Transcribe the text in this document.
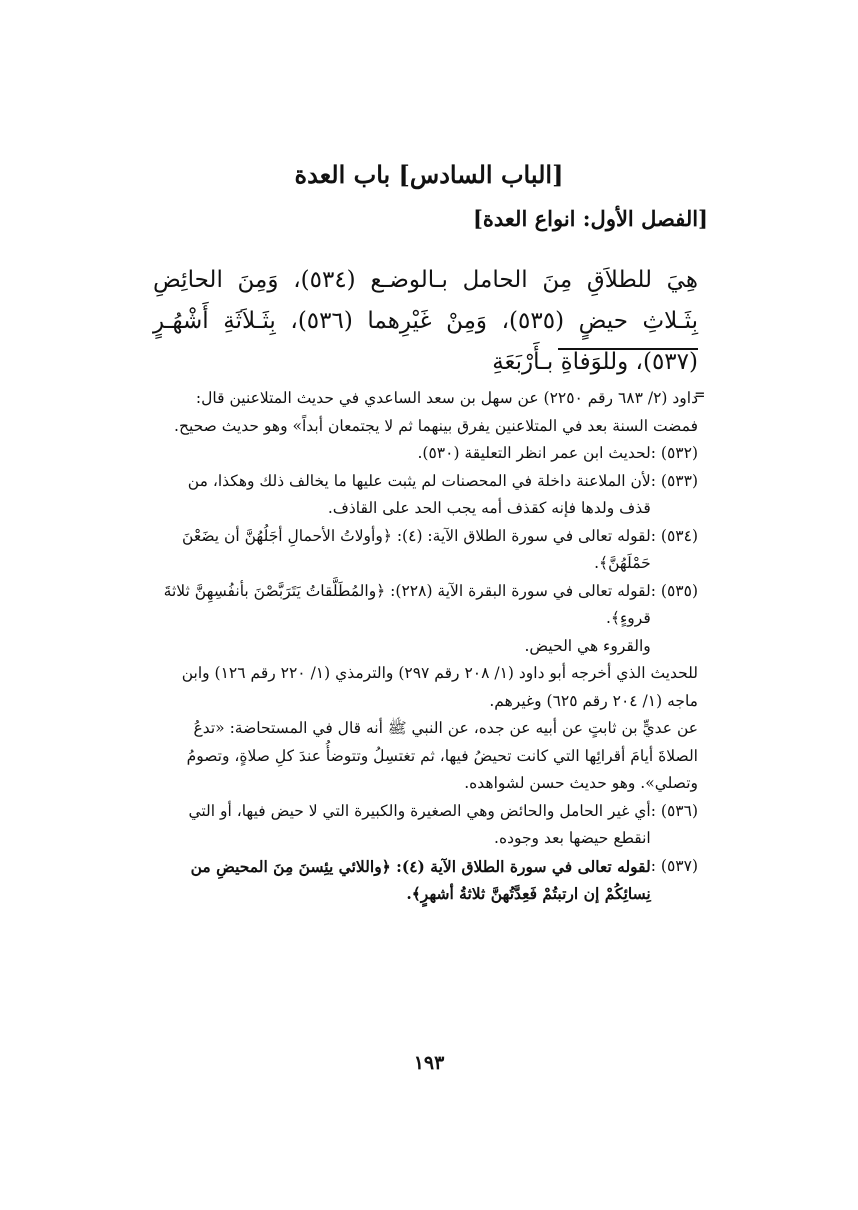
[الباب السادس] باب العدة
[الفصل الأول: انواع العدة]
هِيَ للطلاَقِ مِنَ الحامل بـالوضـع (٥٣٤)، وَمِنَ الحائِضِ بِثَـلاثِ حيضٍ (٥٣٥)، وَمِنْ غَيْرِهما (٥٣٦)، بِثَـلاَثَةِ أَشْهُـرٍ (٥٣٧)، وللوَفاةِ بـأَرْبَعَةِ
=
داود (٢/ ٦٨٣ رقم ٢٢٥٠) عن سهل بن سعد الساعدي في حديث المتلاعنين قال: فمضت السنة بعد في المتلاعنين يفرق بينهما ثم لا يجتمعان أبداً» وهو حديث صحيح.
(٥٣٢) :
لحديث ابن عمر انظر التعليقة (٥٣٠).
(٥٣٣) :
لأن الملاعنة داخلة في المحصنات لم يثبت عليها ما يخالف ذلك وهكذا، من قذف ولدها فإنه كقذف أمه يجب الحد على القاذف.
(٥٣٤) :
لقوله تعالى في سورة الطلاق الآية: (٤): ﴿وأولاتُ الأحمالِ أجَلُهُنَّ أن يضَعْنَ حَمْلَهُنَّ﴾.
(٥٣٥) :
لقوله تعالى في سورة البقرة الآية (٢٢٨): ﴿والمُطَلَّقاتُ يَتَرَبَّصْنَ بأنفُسِهِنَّ ثلاثةَ قروءٍ﴾.
والقروء هي الحيض.
للحديث الذي أخرجه أبو داود (١/ ٢٠٨ رقم ٢٩٧) والترمذي (١/ ٢٢٠ رقم ١٢٦) وابن ماجه (١/ ٢٠٤ رقم ٦٢٥) وغيرهم.
عن عديٍّ بن ثابتٍ عن أبيه عن جده، عن النبي ﷺ أنه قال في المستحاضة: «تدعُ الصلاةَ أيامَ أقرائِها التي كانت تحيضُ فيها، ثم تغتسِلُ وتتوضأُ عندَ كلِ صلاةٍ، وتصومُ وتصلي». وهو حديث حسن لشواهده.
(٥٣٦) :
أي غير الحامل والحائض وهي الصغيرة والكبيرة التي لا حيض فيها، أو التي انقطع حيضها بعد وجوده.
(٥٣٧) :
لقوله تعالى في سورة الطلاق الآية (٤): ﴿واللائي يئِسنَ مِنَ المحيضِ من نِسائِكُمْ إن ارتبتُمْ فَعِدَّتُهنَّ ثلاثةُ أشهرٍ﴾.
١٩٣
